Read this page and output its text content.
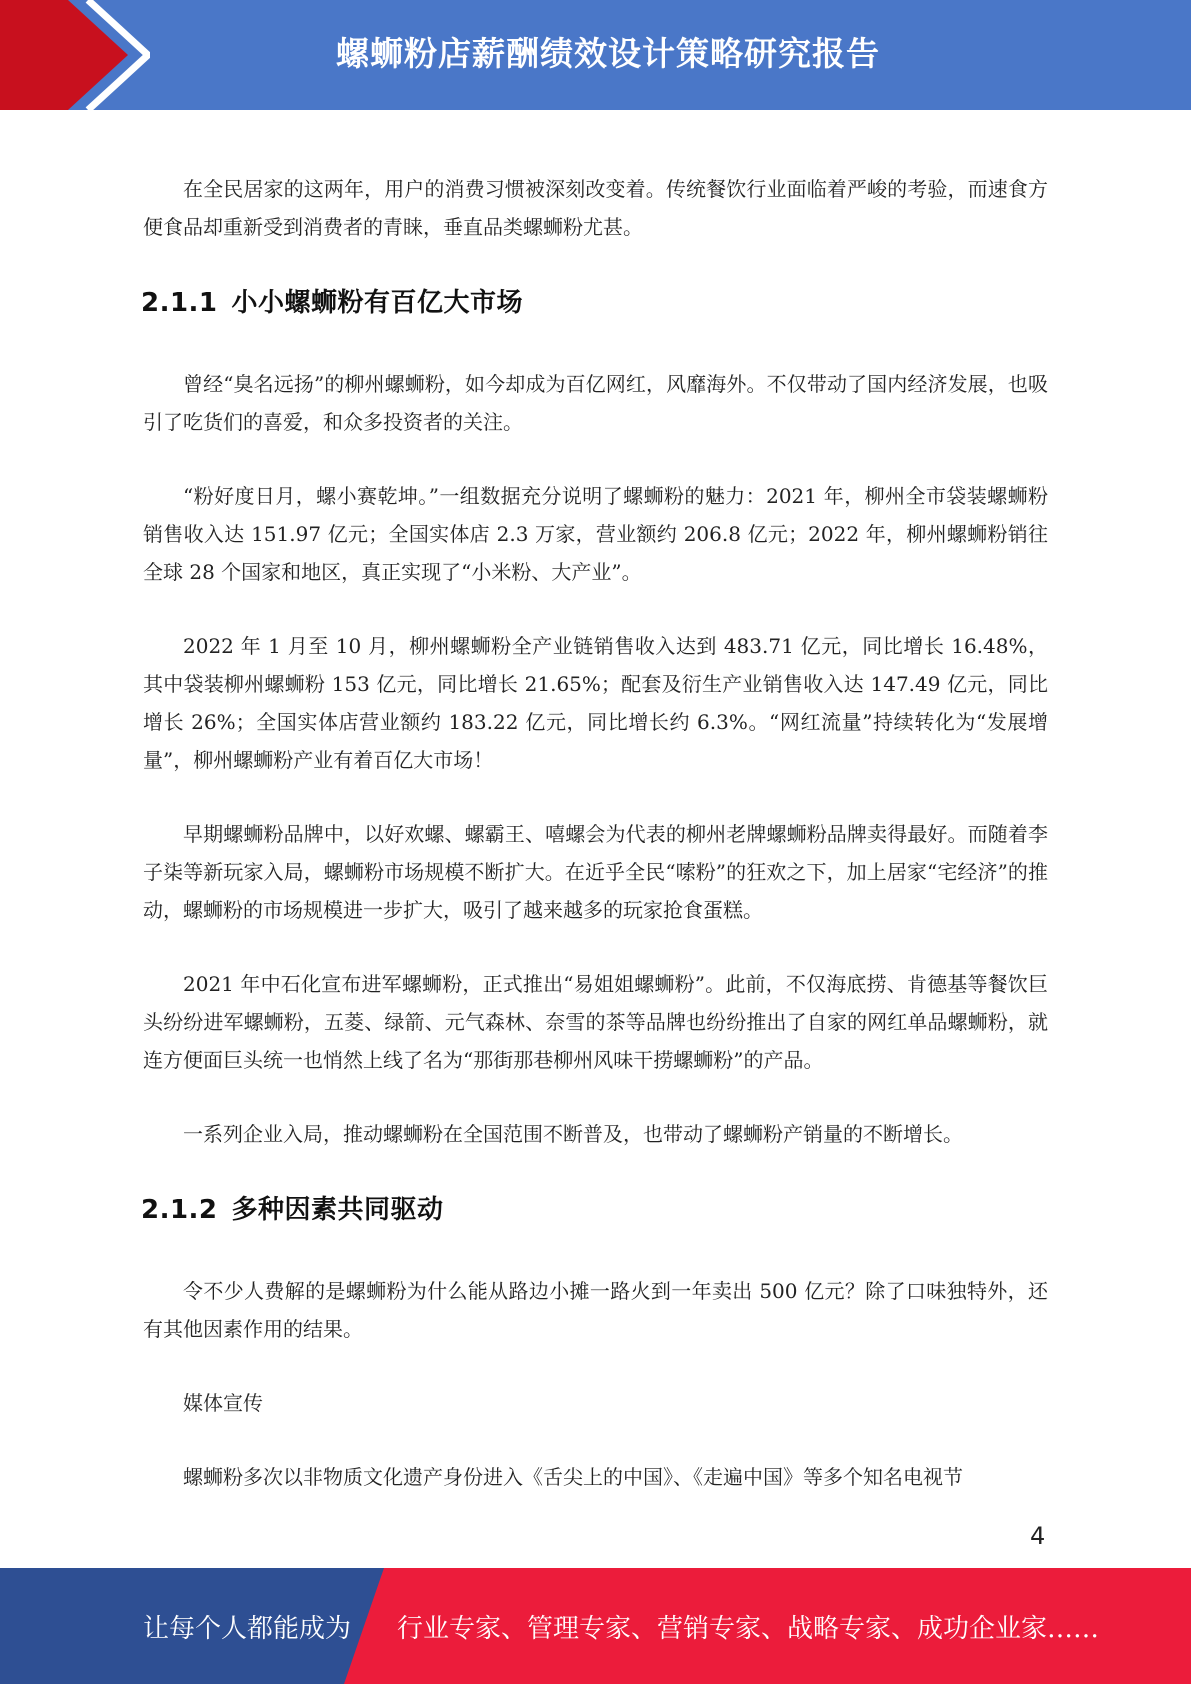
螺蛳粉店薪酬绩效设计策略研究报告

在全民居家的这两年，用户的消费习惯被深刻改变着。传统餐饮行业面临着严峻的考验，而速食方便食品却重新受到消费者的青睐，垂直品类螺蛳粉尤甚。

2.1.1 小小螺蛳粉有百亿大市场

曾经“臭名远扬”的柳州螺蛳粉，如今却成为百亿网红，风靡海外。不仅带动了国内经济发展，也吸引了吃货们的喜爱，和众多投资者的关注。

“粉好度日月，螺小赛乾坤。”一组数据充分说明了螺蛳粉的魅力：2021 年，柳州全市袋装螺蛳粉销售收入达 151.97 亿元；全国实体店 2.3 万家，营业额约 206.8 亿元；2022 年，柳州螺蛳粉销往全球 28 个国家和地区，真正实现了“小米粉、大产业”。

2022 年 1 月至 10 月，柳州螺蛳粉全产业链销售收入达到 483.71 亿元，同比增长 16.48%，其中袋装柳州螺蛳粉 153 亿元，同比增长 21.65%；配套及衍生产业销售收入达 147.49 亿元，同比增长 26%；全国实体店营业额约 183.22 亿元，同比增长约 6.3%。“网红流量”持续转化为“发展增量”，柳州螺蛳粉产业有着百亿大市场！

早期螺蛳粉品牌中，以好欢螺、螺霸王、嘻螺会为代表的柳州老牌螺蛳粉品牌卖得最好。而随着李子柒等新玩家入局，螺蛳粉市场规模不断扩大。在近乎全民“嗦粉”的狂欢之下，加上居家“宅经济”的推动，螺蛳粉的市场规模进一步扩大，吸引了越来越多的玩家抢食蛋糕。

2021 年中石化宣布进军螺蛳粉，正式推出“易姐姐螺蛳粉”。此前，不仅海底捞、肯德基等餐饮巨头纷纷进军螺蛳粉，五菱、绿箭、元气森林、奈雪的茶等品牌也纷纷推出了自家的网红单品螺蛳粉，就连方便面巨头统一也悄然上线了名为“那街那巷柳州风味干捞螺蛳粉”的产品。

一系列企业入局，推动螺蛳粉在全国范围不断普及，也带动了螺蛳粉产销量的不断增长。

2.1.2 多种因素共同驱动

令不少人费解的是螺蛳粉为什么能从路边小摊一路火到一年卖出 500 亿元？除了口味独特外，还有其他因素作用的结果。

媒体宣传

螺蛳粉多次以非物质文化遗产身份进入《舌尖上的中国》、《走遍中国》等多个知名电视节

4
让每个人都能成为 行业专家、管理专家、营销专家、战略专家、成功企业家……
